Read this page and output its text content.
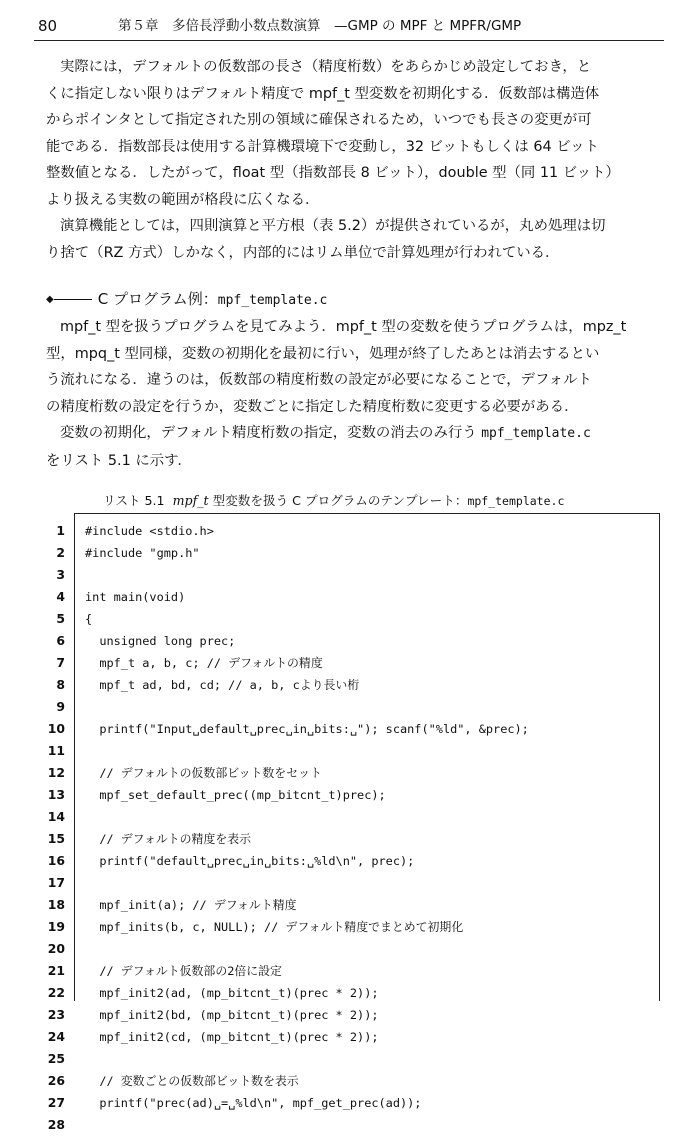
80	第５章　多倍長浮動小数点数演算　—GMP の MPF と MPFR/GMP
実際には，デフォルトの仮数部の長さ（精度桁数）をあらかじめ設定しておき，と
くに指定しない限りはデフォルト精度で mpf_t 型変数を初期化する．仮数部は構造体
からポインタとして指定された別の領域に確保されるため，いつでも長さの変更が可
能である．指数部長は使用する計算機環境下で変動し，32 ビットもしくは 64 ビット
整数値となる．したがって，float 型（指数部長 8 ビット），double 型（同 11 ビット）
より扱える実数の範囲が格段に広くなる．
演算機能としては，四則演算と平方根（表 5.2）が提供されているが，丸め処理は切
り捨て（RZ 方式）しかなく，内部的にはリム単位で計算処理が行われている．
◆	C プログラム例：mpf_template.c
mpf_t 型を扱うプログラムを見てみよう．mpf_t 型の変数を使うプログラムは，mpz_t
型，mpq_t 型同様，変数の初期化を最初に行い，処理が終了したあとは消去するとい
う流れになる．違うのは，仮数部の精度桁数の設定が必要になることで，デフォルト
の精度桁数の設定を行うか，変数ごとに指定した精度桁数に変更する必要がある．
変数の初期化，デフォルト精度桁数の指定，変数の消去のみ行う mpf_template.c
をリスト 5.1 に示す．
リスト 5.1 mpf_t 型変数を扱う C プログラムのテンプレート：mpf_template.c
1 #include <stdio.h>
2 #include "gmp.h"
3
4 int main(void)
5 {
6 unsigned long prec;
7 mpf_t a, b, c; // デフォルトの精度
8 mpf_t ad, bd, cd; // a, b, cより長い桁
9
10 printf("Input␣default␣prec␣in␣bits:␣"); scanf("%ld", &prec);
11
12 // デフォルトの仮数部ビット数をセット
13 mpf_set_default_prec((mp_bitcnt_t)prec);
14
15 // デフォルトの精度を表示
16 printf("default␣prec␣in␣bits:␣%ld\n", prec);
17
18 mpf_init(a); // デフォルト精度
19 mpf_inits(b, c, NULL); // デフォルト精度でまとめて初期化
20
21 // デフォルト仮数部の2倍に設定
22 mpf_init2(ad, (mp_bitcnt_t)(prec * 2));
23 mpf_init2(bd, (mp_bitcnt_t)(prec * 2));
24 mpf_init2(cd, (mp_bitcnt_t)(prec * 2));
25
26 // 変数ごとの仮数部ビット数を表示
27 printf("prec(ad)␣=␣%ld\n", mpf_get_prec(ad));
28
